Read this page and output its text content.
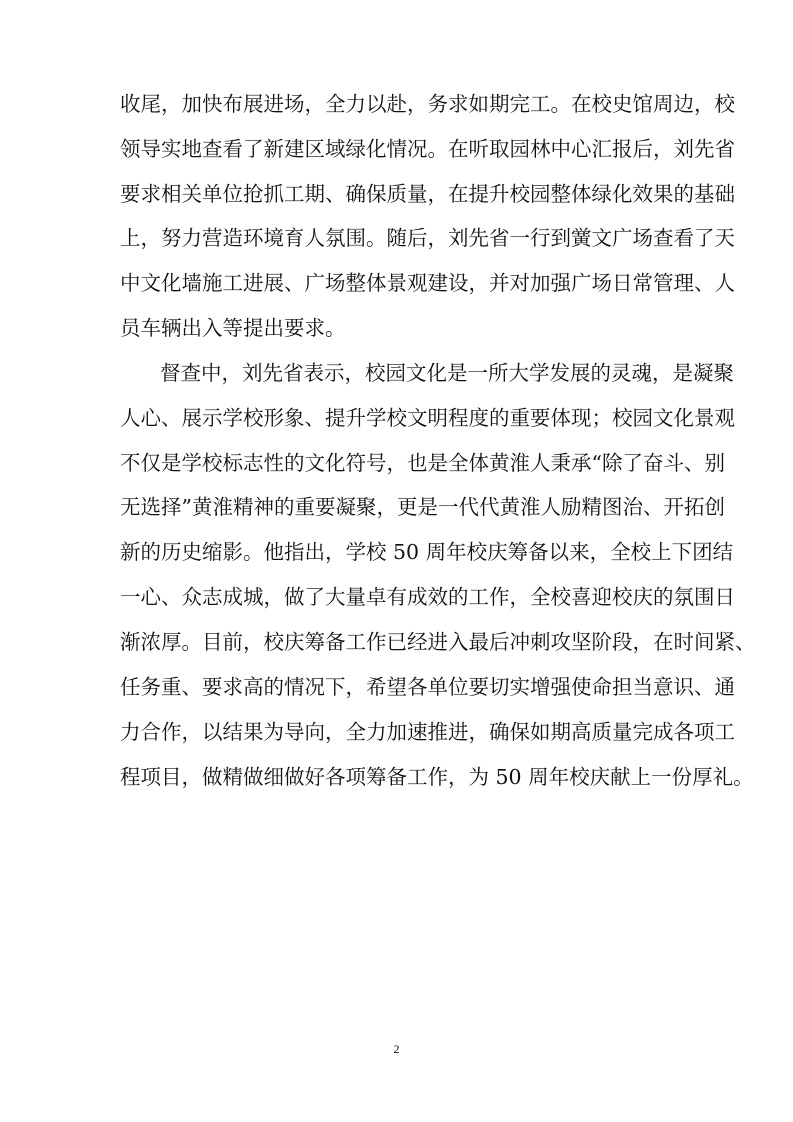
收尾，加快布展进场，全力以赴，务求如期完工。在校史馆周边，校
领导实地查看了新建区域绿化情况。在听取园林中心汇报后，刘先省
要求相关单位抢抓工期、确保质量，在提升校园整体绿化效果的基础
上，努力营造环境育人氛围。随后，刘先省一行到黉文广场查看了天
中文化墙施工进展、广场整体景观建设，并对加强广场日常管理、人
员车辆出入等提出要求。
督查中，刘先省表示，校园文化是一所大学发展的灵魂，是凝聚
人心、展示学校形象、提升学校文明程度的重要体现；校园文化景观
不仅是学校标志性的文化符号，也是全体黄淮人秉承“除了奋斗、别
无选择”黄淮精神的重要凝聚，更是一代代黄淮人励精图治、开拓创
新的历史缩影。他指出，学校 50 周年校庆筹备以来，全校上下团结
一心、众志成城，做了大量卓有成效的工作，全校喜迎校庆的氛围日
渐浓厚。目前，校庆筹备工作已经进入最后冲刺攻坚阶段，在时间紧、
任务重、要求高的情况下，希望各单位要切实增强使命担当意识、通
力合作，以结果为导向，全力加速推进，确保如期高质量完成各项工
程项目，做精做细做好各项筹备工作，为 50 周年校庆献上一份厚礼。
2
